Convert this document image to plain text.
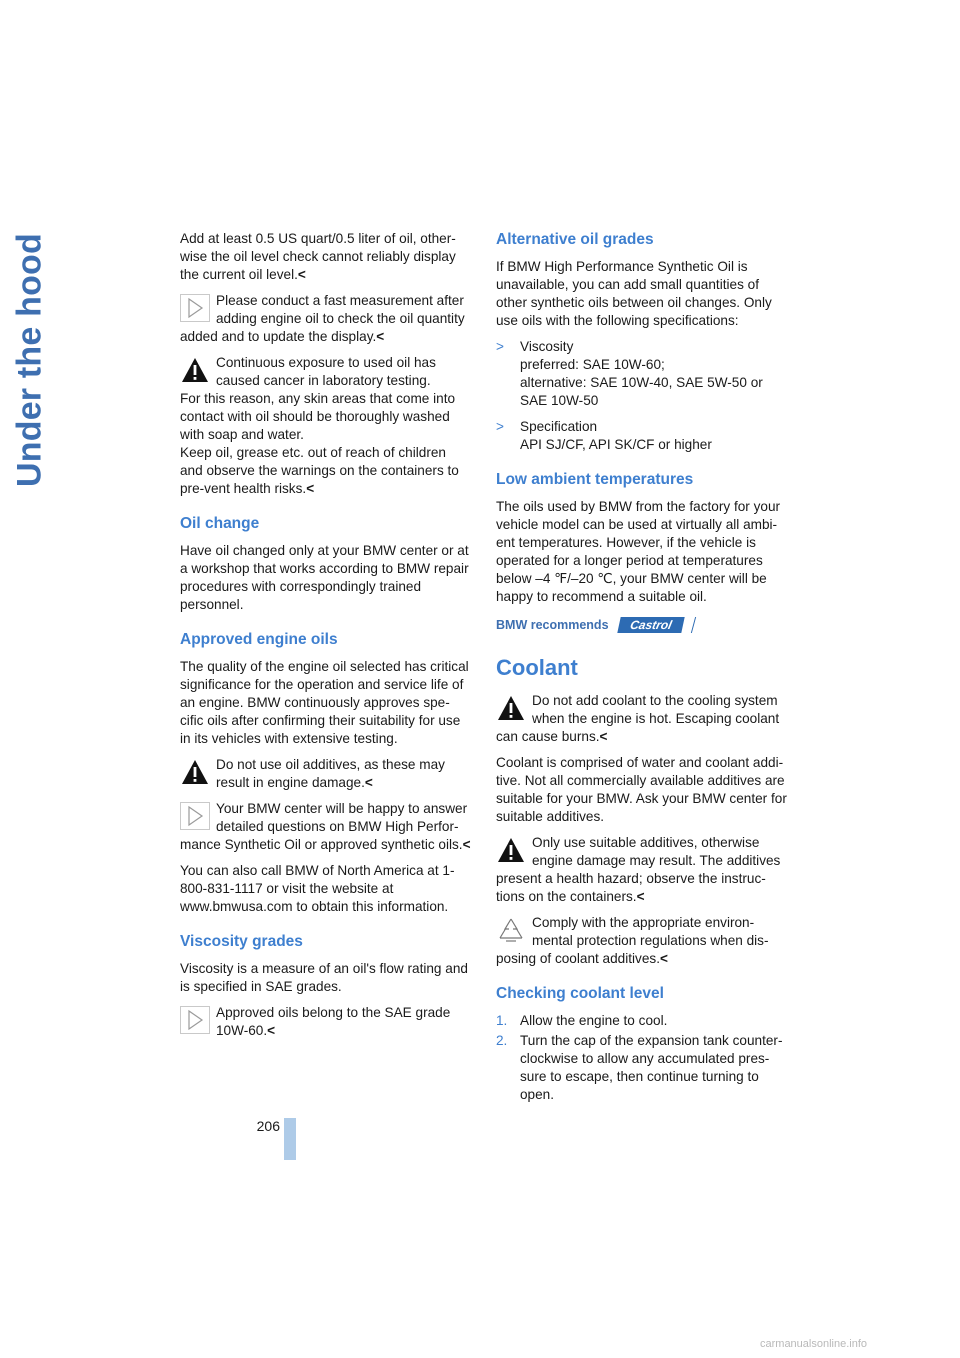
Under the hood	Add at least 0.5 US quart/0.5 liter of oil, other-wise the oil level check cannot reliably display the current oil level.<

Please conduct a fast measurement after adding engine oil to check the oil quantity added and to update the display.<
Continuous exposure to used oil has caused cancer in laboratory testing.
For this reason, any skin areas that come into contact with oil should be thoroughly washed with soap and water.
Keep oil, grease etc. out of reach of children and observe the warnings on the containers to pre-vent health risks.<
Oil change

Have oil changed only at your BMW center or at a workshop that works according to BMW repair procedures with correspondingly trained personnel.

Approved engine oils

The quality of the engine oil selected has critical significance for the operation and service life of an engine. BMW continuously approves spe-cific oils after confirming their suitability for use in its vehicles with extensive testing.

Do not use oil additives, as these may result in engine damage.<
Your BMW center will be happy to answer detailed questions on BMW High Perfor-mance Synthetic Oil or approved synthetic oils.<

You can also call BMW of North America at 1-800-831-1117 or visit the website at www.bmwusa.com to obtain this information.

Viscosity grades

Viscosity is a measure of an oil's flow rating and is specified in SAE grades.

Approved oils belong to the SAE grade 10W-60.<
Alternative oil grades

If BMW High Performance Synthetic Oil is unavailable, you can add small quantities of other synthetic oils between oil changes. Only use oils with the following specifications:

> Viscosity
preferred: SAE 10W-60;
alternative: SAE 10W-40, SAE 5W-50 or SAE 10W-50
> Specification
API SJ/CF, API SK/CF or higher
Low ambient temperatures

The oils used by BMW from the factory for your vehicle model can be used at virtually all ambi-ent temperatures. However, if the vehicle is operated for a longer period at temperatures below –4 ℉/–20 ℃, your BMW center will be happy to recommend a suitable oil.

BMW recommends	Castrol
Coolant
Do not add coolant to the cooling system when the engine is hot. Escaping coolant can cause burns.<

Coolant is comprised of water and coolant addi-tive. Not all commercially available additives are suitable for your BMW. Ask your BMW center for suitable additives.

Only use suitable additives, otherwise engine damage may result. The additives present a health hazard; observe the instruc-tions on the containers.<
Comply with the appropriate environ-mental protection regulations when dis-posing of coolant additives.<
Checking coolant level
1. Allow the engine to cool.
2. Turn the cap of the expansion tank counter-clockwise to allow any accumulated pres-sure to escape, then continue turning to open.
206
carmanualsonline.info
